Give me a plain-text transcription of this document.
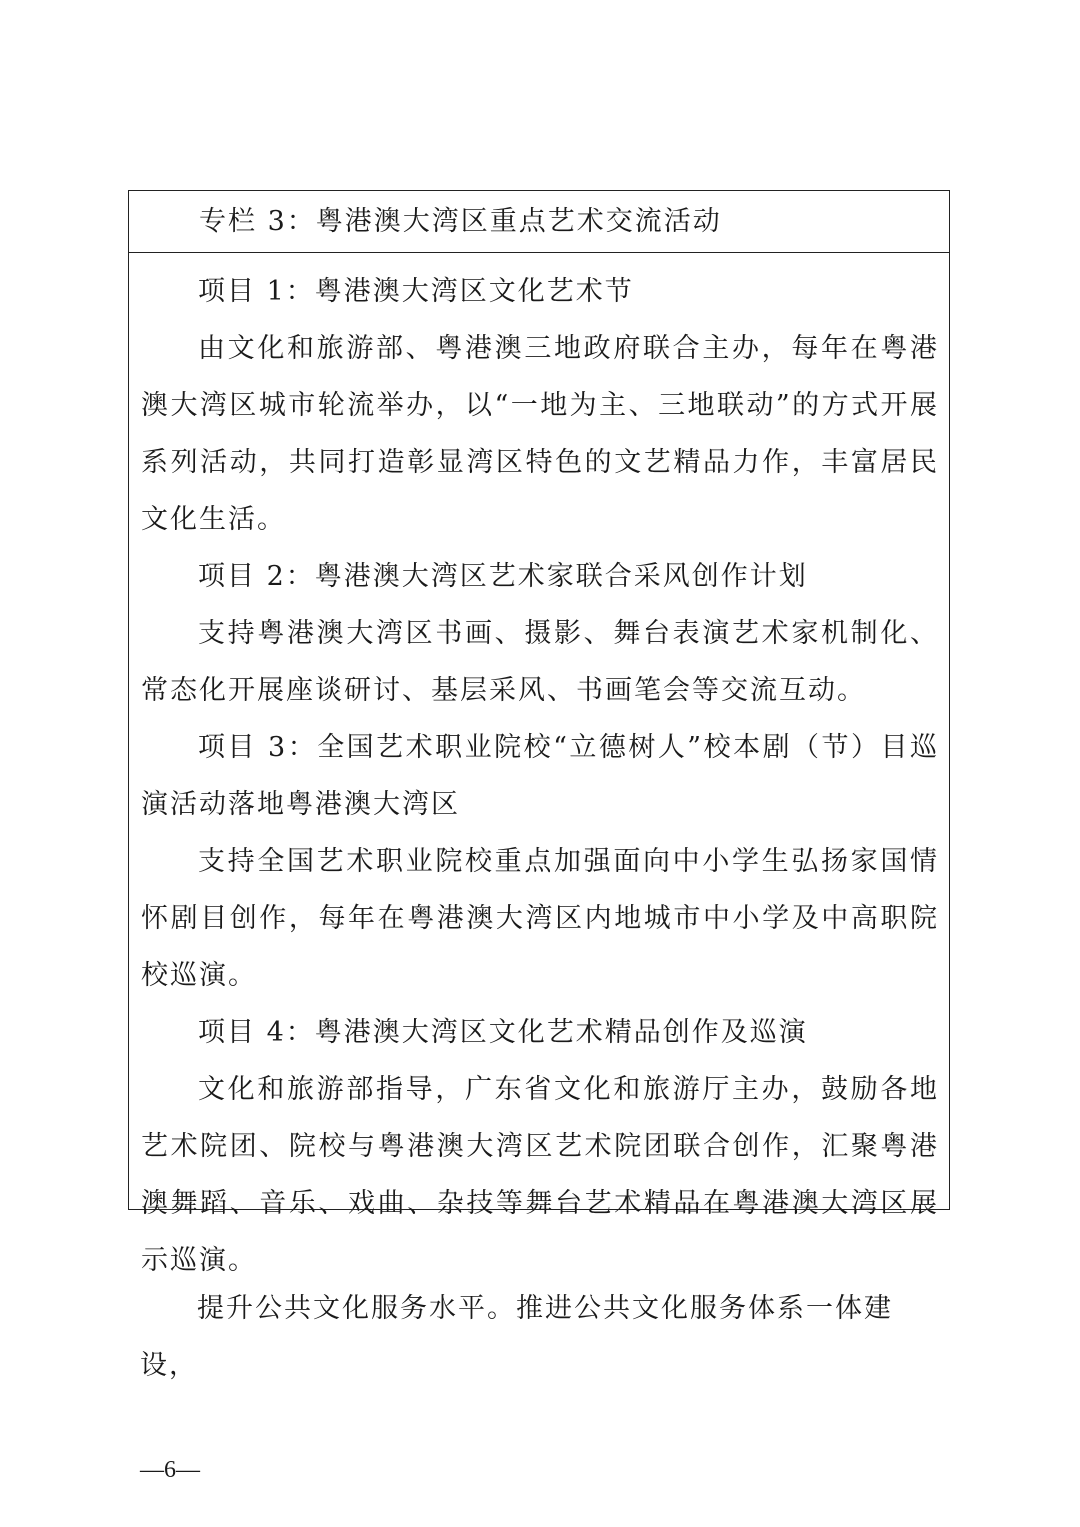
专栏 3：粤港澳大湾区重点艺术交流活动

项目 1：粤港澳大湾区文化艺术节

由文化和旅游部、粤港澳三地政府联合主办，每年在粤港澳大湾区城市轮流举办，以“一地为主、三地联动”的方式开展系列活动，共同打造彰显湾区特色的文艺精品力作，丰富居民文化生活。

项目 2：粤港澳大湾区艺术家联合采风创作计划

支持粤港澳大湾区书画、摄影、舞台表演艺术家机制化、常态化开展座谈研讨、基层采风、书画笔会等交流互动。

项目 3：全国艺术职业院校“立德树人”校本剧（节）目巡演活动落地粤港澳大湾区

支持全国艺术职业院校重点加强面向中小学生弘扬家国情怀剧目创作，每年在粤港澳大湾区内地城市中小学及中高职院校巡演。

项目 4：粤港澳大湾区文化艺术精品创作及巡演

文化和旅游部指导，广东省文化和旅游厅主办，鼓励各地艺术院团、院校与粤港澳大湾区艺术院团联合创作，汇聚粤港澳舞蹈、音乐、戏曲、杂技等舞台艺术精品在粤港澳大湾区展示巡演。

提升公共文化服务水平。推进公共文化服务体系一体建设，

—6—
